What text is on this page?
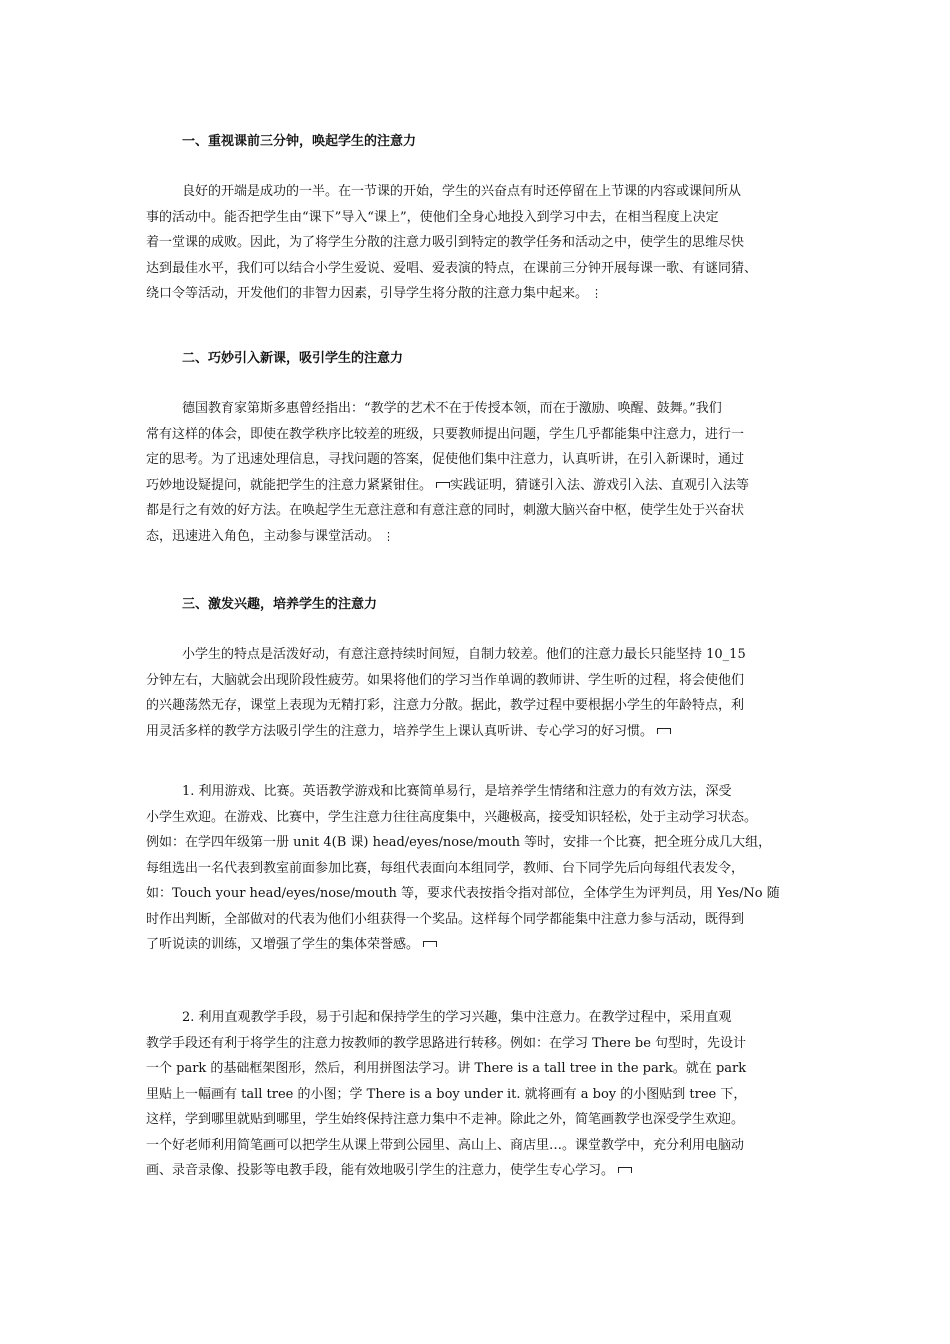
一、重视课前三分钟，唤起学生的注意力
良好的开端是成功的一半。在一节课的开始，学生的兴奋点有时还停留在上节课的内容或课间所从
事的活动中。能否把学生由“课下”导入“课上”，使他们全身心地投入到学习中去，在相当程度上决定
着一堂课的成败。因此，为了将学生分散的注意力吸引到特定的教学任务和活动之中，使学生的思维尽快
达到最佳水平，我们可以结合小学生爱说、爱唱、爱表演的特点，在课前三分钟开展每课一歌、有谜同猜、
绕口令等活动，开发他们的非智力因素，引导学生将分散的注意力集中起来。 ⋮
二、巧妙引入新课，吸引学生的注意力
德国教育家第斯多惠曾经指出：“教学的艺术不在于传授本领，而在于激励、唤醒、鼓舞。”我们
常有这样的体会，即使在教学秩序比较差的班级，只要教师提出问题，学生几乎都能集中注意力，进行一
定的思考。为了迅速处理信息，寻找问题的答案，促使他们集中注意力，认真听讲，在引入新课时，通过
巧妙地设疑提问，就能把学生的注意力紧紧钳住。 实践证明，猜谜引入法、游戏引入法、直观引入法等
都是行之有效的好方法。在唤起学生无意注意和有意注意的同时，刺激大脑兴奋中枢，使学生处于兴奋状
态，迅速进入角色，主动参与课堂活动。 ⋮
三、激发兴趣，培养学生的注意力
小学生的特点是活泼好动，有意注意持续时间短，自制力较差。他们的注意力最长只能坚持 10_15
分钟左右，大脑就会出现阶段性疲劳。如果将他们的学习当作单调的教师讲、学生听的过程，将会使他们
的兴趣荡然无存，课堂上表现为无精打彩，注意力分散。据此，教学过程中要根据小学生的年龄特点，利
用灵活多样的教学方法吸引学生的注意力，培养学生上课认真听讲、专心学习的好习惯。
1. 利用游戏、比赛。英语教学游戏和比赛简单易行，是培养学生情绪和注意力的有效方法，深受
小学生欢迎。在游戏、比赛中，学生注意力往往高度集中，兴趣极高，接受知识轻松，处于主动学习状态。
例如：在学四年级第一册 unit 4(B 课) head/eyes/nose/mouth 等时，安排一个比赛，把全班分成几大组，
每组选出一名代表到教室前面参加比赛，每组代表面向本组同学，教师、台下同学先后向每组代表发令，
如：Touch your head/eyes/nose/mouth 等，要求代表按指令指对部位，全体学生为评判员，用 Yes/No 随
时作出判断，全部做对的代表为他们小组获得一个奖品。这样每个同学都能集中注意力参与活动，既得到
了听说读的训练，又增强了学生的集体荣誉感。
2. 利用直观教学手段，易于引起和保持学生的学习兴趣，集中注意力。在教学过程中，采用直观
教学手段还有利于将学生的注意力按教师的教学思路进行转移。例如：在学习 There be 句型时，先设计
一个 park 的基础框架图形，然后，利用拼图法学习。讲 There is a tall tree in the park。就在 park
里贴上一幅画有 tall tree 的小图；学 There is a boy under it. 就将画有 a boy 的小图贴到 tree 下，
这样，学到哪里就贴到哪里，学生始终保持注意力集中不走神。除此之外，简笔画教学也深受学生欢迎。
一个好老师利用简笔画可以把学生从课上带到公园里、高山上、商店里…。课堂教学中，充分利用电脑动
画、录音录像、投影等电教手段，能有效地吸引学生的注意力，使学生专心学习。
